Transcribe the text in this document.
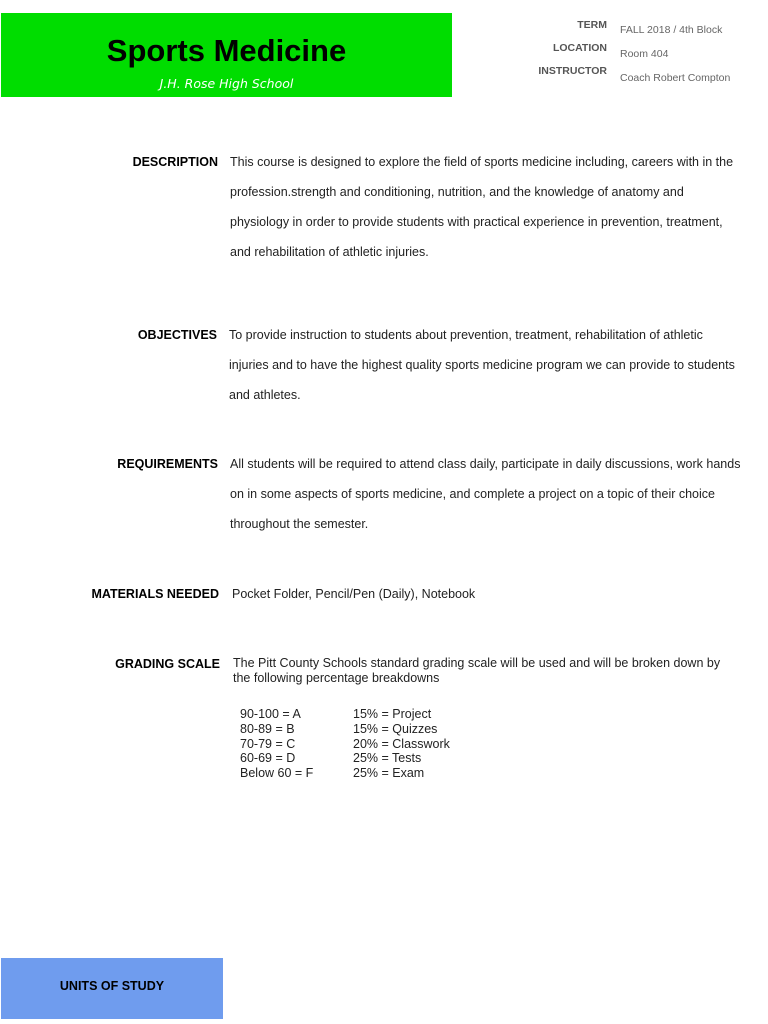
Sports Medicine
J.H. Rose High School
TERM FALL 2018 / 4th Block
LOCATION Room 404
INSTRUCTOR
Coach Robert Compton
DESCRIPTION This course is designed to explore the field of sports medicine including, careers with in the profession.strength and conditioning, nutrition, and the knowledge of anatomy and physiology in order to provide students with practical experience in prevention, treatment, and rehabilitation of athletic injuries.
OBJECTIVES To provide instruction to students about prevention, treatment, rehabilitation of athletic injuries and to have the highest quality sports medicine program we can provide to students and athletes.
REQUIREMENTS All students will be required to attend class daily, participate in daily discussions, work hands on in some aspects of sports medicine, and complete a project on a topic of their choice throughout the semester.
MATERIALS NEEDED Pocket Folder, Pencil/Pen (Daily), Notebook
GRADING SCALE The Pitt County Schools standard grading scale will be used and will be broken down by the following percentage breakdowns
90-100 = A
80-89 = B
70-79 = C
60-69 = D
Below 60 = F
15% = Project
15% = Quizzes
20% = Classwork
25% = Tests
25% = Exam
UNITS OF STUDY
